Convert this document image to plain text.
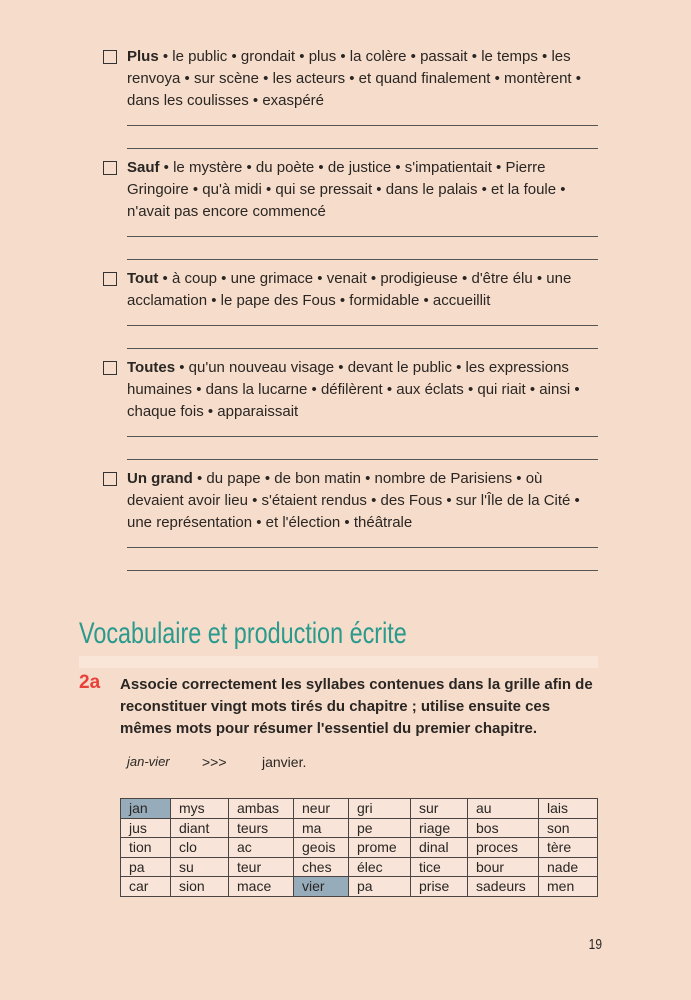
Plus • le public • grondait • plus • la colère • passait • le temps • les renvoya • sur scène • les acteurs • et quand finalement • montèrent • dans les coulisses • exaspéré
Sauf • le mystère • du poète • de justice • s'impatientait • Pierre Gringoire • qu'à midi • qui se pressait • dans le palais • et la foule • n'avait pas encore commencé
Tout • à coup • une grimace • venait • prodigieuse • d'être élu • une acclamation • le pape des Fous • formidable • accueillit
Toutes • qu'un nouveau visage • devant le public • les expressions humaines • dans la lucarne • défilèrent • aux éclats • qui riait • ainsi • chaque fois • apparaissait
Un grand • du pape • de bon matin • nombre de Parisiens • où devaient avoir lieu • s'étaient rendus • des Fous • sur l'Île de la Cité • une représentation • et l'élection • théâtrale
Vocabulaire et production écrite
2a Associe correctement les syllabes contenues dans la grille afin de reconstituer vingt mots tirés du chapitre ; utilise ensuite ces mêmes mots pour résumer l'essentiel du premier chapitre.
jan-vier >>>	janvier.
jan	mys	ambas	neur	gri	sur	au	lais
jus	diant	teurs	ma	pe	riage	bos	son
tion	clo	ac	geois	prome	dinal	proces	tère
pa	su	teur	ches	élec	tice	bour	nade
car	sion	mace	vier	pa	prise	sadeurs	men
19
